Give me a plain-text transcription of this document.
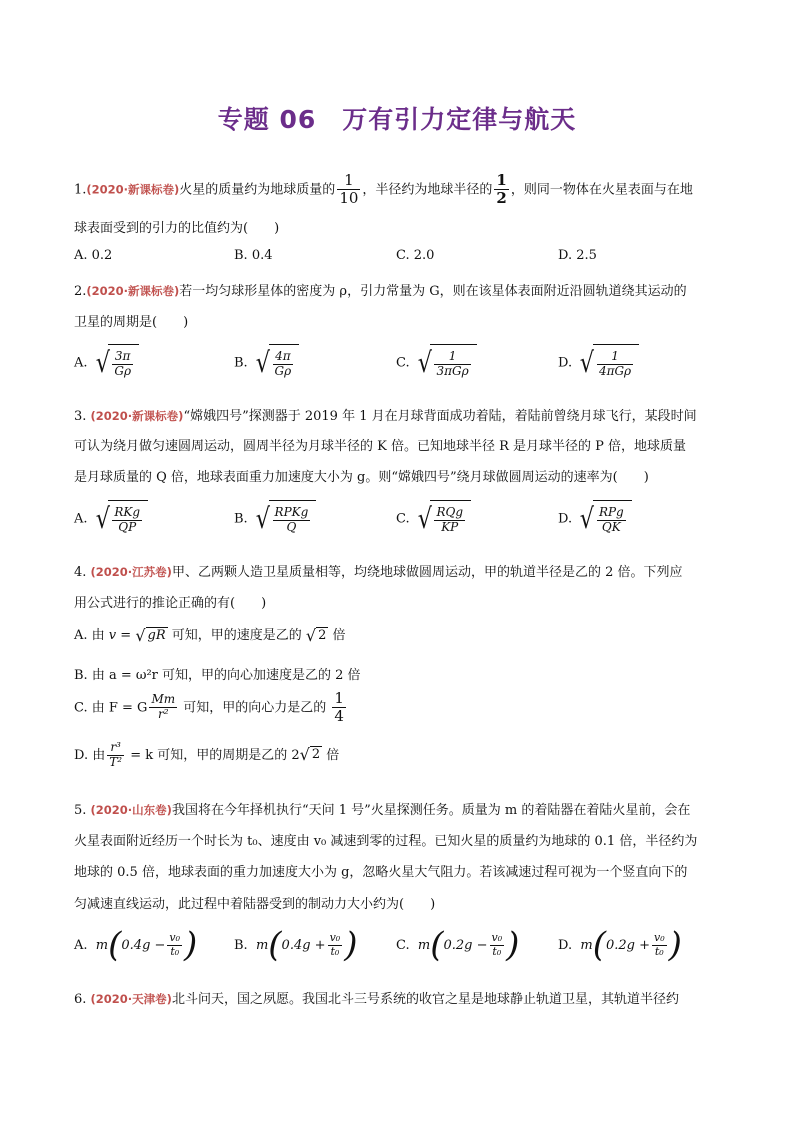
专题 06　万有引力定律与航天
1.(2020·新课标卷)火星的质量约为地球质量的 $\frac{1}{10}$ ，半径约为地球半径的 $\frac{1}{2}$ ，则同一物体在火星表面与在地
球表面受到的引力的比值约为(　　)
A. 0.2	B. 0.4	C. 2.0	D. 2.5
2.(2020·新课标卷)若一均匀球形星体的密度为 ρ，引力常量为 G，则在该星体表面附近沿圆轨道绕其运动的
卫星的周期是(　　)
A. √ $\frac{3\pi}{G\rho}$	B. √ $\frac{4\pi}{G\rho}$	C. √ $\frac{1}{\text{3πGρ}}$	D. √ $\frac{1}{\text{4πGρ}}$
3. (2020·新课标卷)“嫦娥四号”探测器于 2019 年 1 月在月球背面成功着陆，着陆前曾绕月球飞行，某段时间
可认为绕月做匀速圆周运动，圆周半径为月球半径的 K 倍。已知地球半径 R 是月球半径的 P 倍，地球质量
是月球质量的 Q 倍，地球表面重力加速度大小为 g。则“嫦娥四号”绕月球做圆周运动的速率为(　　)
A. √ $\frac{\text{RKg}}{QP}$	B. √ $\frac{\text{RPKg}}{Q}$	C. √ $\frac{\text{RQg}}{KP}$	D. √ $\frac{\text{RPg}}{QK}$
4. (2020·江苏卷)甲、乙两颗人造卫星质量相等，均绕地球做圆周运动，甲的轨道半径是乙的 2 倍。下列应
用公式进行的推论正确的有(　　)
A. 由 v = √ gR 可知，甲的速度是乙的 √ 2 倍
B. 由 a = ω²r 可知，甲的向心加速度是乙的 2 倍
C. 由 F = G $\frac{Mm}{\text{r²}}$ 可知，甲的向心力是乙的 $\frac{1}{4}$
D. 由 $\frac{\text{r³}}{\text{T²}} = k$ 可知，甲的周期是乙的 2 √ 2 倍
5. (2020·山东卷)我国将在今年择机执行“天问 1 号”火星探测任务。质量为 m 的着陆器在着陆火星前，会在
火星表面附近经历一个时长为 t₀、速度由 v₀ 减速到零的过程。已知火星的质量约为地球的 0.1 倍，半径约为
地球的 0.5 倍，地球表面的重力加速度大小为 g，忽略火星大气阻力。若该减速过程可视为一个竖直向下的
匀减速直线运动，此过程中着陆器受到的制动力大小约为(　　)
A.
m ( $0.4g - \frac{\text{v₀}}{\text{t₀}}$ )	B.
m ( $0.4g + \frac{\text{v₀}}{\text{t₀}}$ )	C.
m ( $0.2g - \frac{\text{v₀}}{\text{t₀}}$ )	D.
m ( $0.2g + \frac{\text{v₀}}{\text{t₀}}$ )
6. (2020·天津卷)北斗问天，国之夙愿。我国北斗三号系统的收官之星是地球静止轨道卫星，其轨道半径约
